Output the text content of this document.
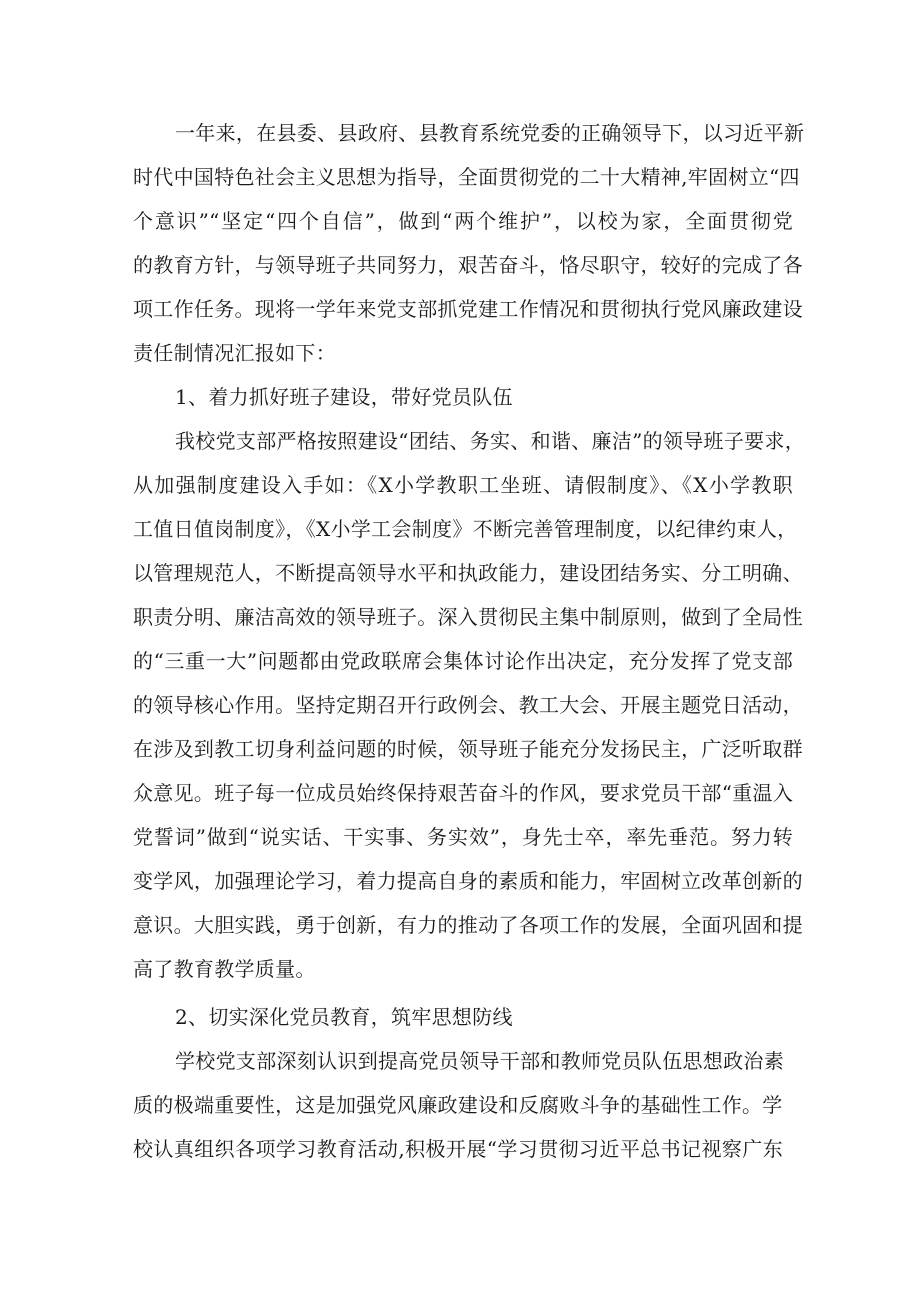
一年来，在县委、县政府、县教育系统党委的正确领导下，以习近平新
时代中国特色社会主义思想为指导，全面贯彻党的二十大精神,牢固树立“四
个意识”“坚定“四个自信”，做到“两个维护”，以校为家，全面贯彻党
的教育方针，与领导班子共同努力，艰苦奋斗，恪尽职守，较好的完成了各
项工作任务。现将一学年来党支部抓党建工作情况和贯彻执行党风廉政建设
责任制情况汇报如下：
1、着力抓好班子建设，带好党员队伍
我校党支部严格按照建设“团结、务实、和谐、廉洁”的领导班子要求，
从加强制度建设入手如：《X小学教职工坐班、请假制度》、《X小学教职
工值日值岗制度》，《X小学工会制度》不断完善管理制度，以纪律约束人，
以管理规范人，不断提高领导水平和执政能力，建设团结务实、分工明确、
职责分明、廉洁高效的领导班子。深入贯彻民主集中制原则，做到了全局性
的“三重一大”问题都由党政联席会集体讨论作出决定，充分发挥了党支部
的领导核心作用。坚持定期召开行政例会、教工大会、开展主题党日活动，
在涉及到教工切身利益问题的时候，领导班子能充分发扬民主，广泛听取群
众意见。班子每一位成员始终保持艰苦奋斗的作风，要求党员干部“重温入
党誓词”做到“说实话、干实事、务实效”，身先士卒，率先垂范。努力转
变学风，加强理论学习，着力提高自身的素质和能力，牢固树立改革创新的
意识。大胆实践，勇于创新，有力的推动了各项工作的发展，全面巩固和提
高了教育教学质量。
2、切实深化党员教育，筑牢思想防线
学校党支部深刻认识到提高党员领导干部和教师党员队伍思想政治素
质的极端重要性，这是加强党风廉政建设和反腐败斗争的基础性工作。学
校认真组织各项学习教育活动,积极开展“学习贯彻习近平总书记视察广东
